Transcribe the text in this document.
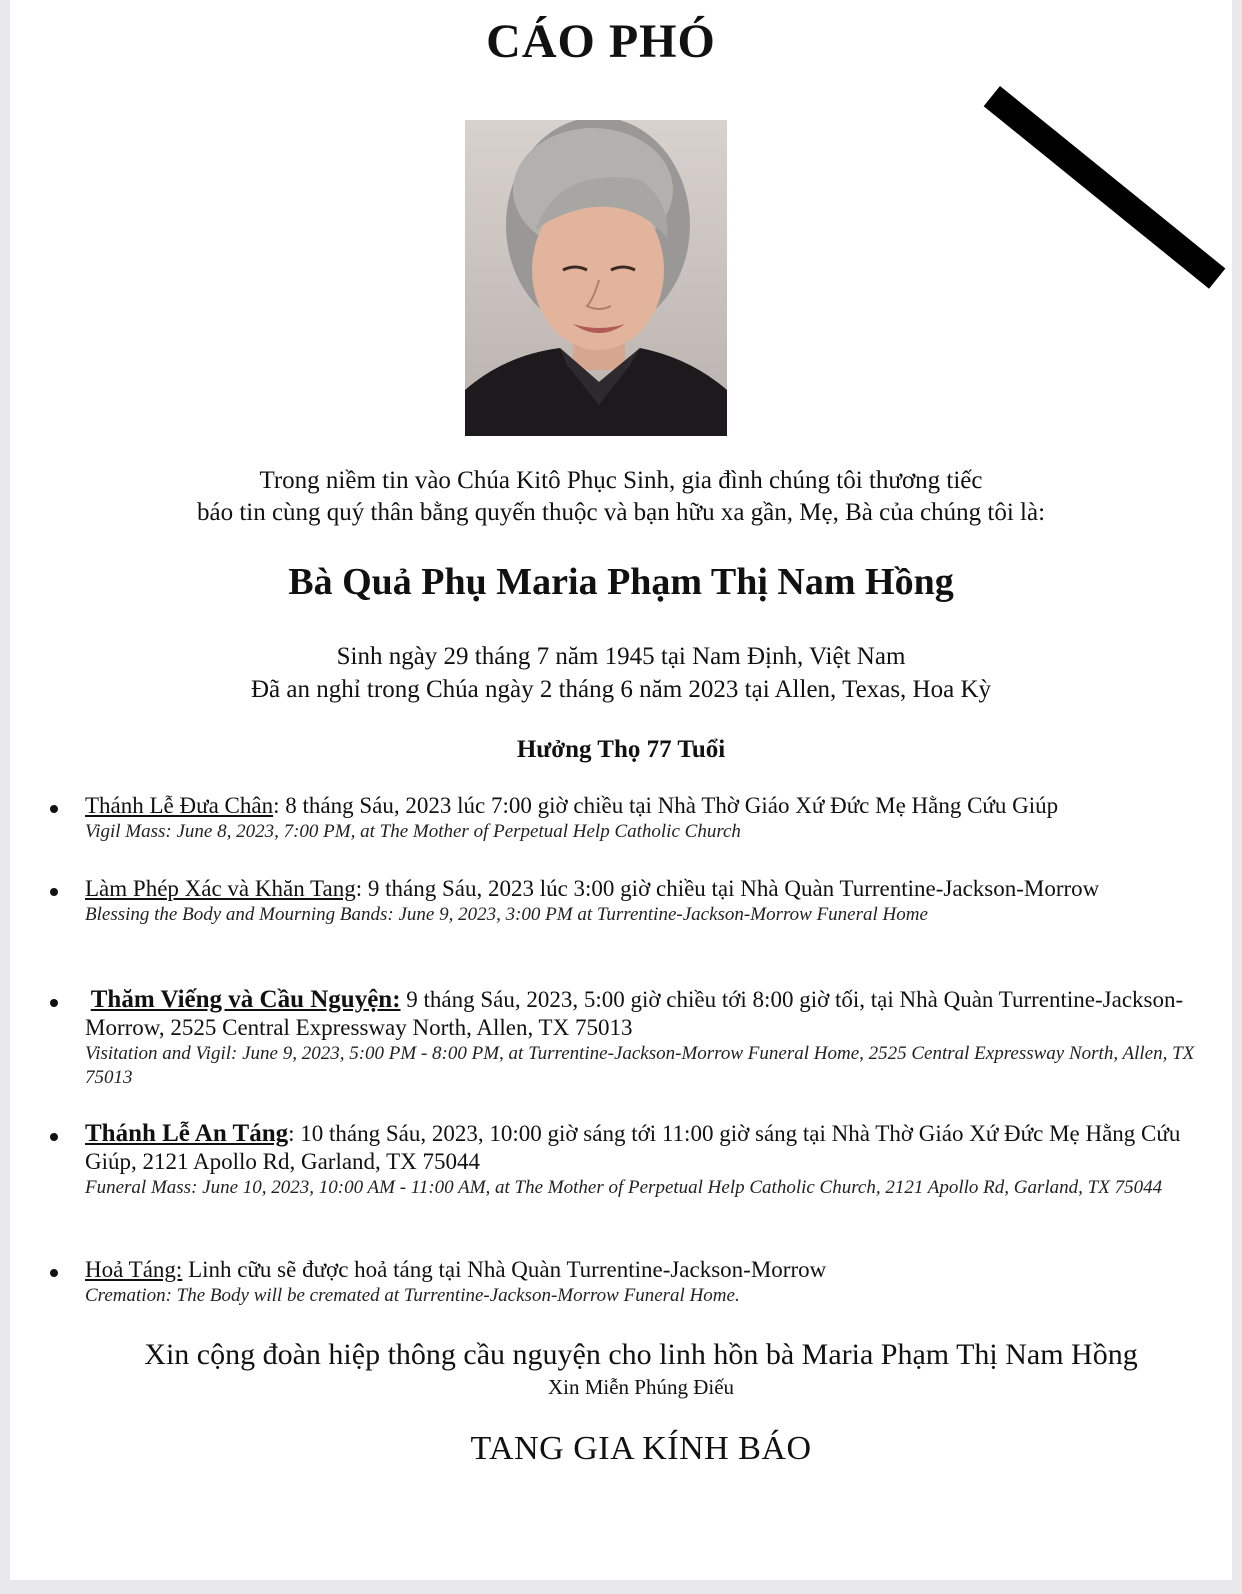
CÁO PHÓ
Trong niềm tin vào Chúa Kitô Phục Sinh, gia đình chúng tôi thương tiếc
báo tin cùng quý thân bằng quyến thuộc và bạn hữu xa gần, Mẹ, Bà của chúng tôi là:
Bà Quả Phụ Maria Phạm Thị Nam Hồng
Sinh ngày 29 tháng 7 năm 1945 tại Nam Định, Việt Nam
Đã an nghỉ trong Chúa ngày 2 tháng 6 năm 2023 tại Allen, Texas, Hoa Kỳ
Hưởng Thọ 77 Tuổi
Thánh Lễ Đưa Chân: 8 tháng Sáu, 2023 lúc 7:00 giờ chiều tại Nhà Thờ Giáo Xứ Đức Mẹ Hằng Cứu Giúp
Vigil Mass: June 8, 2023, 7:00 PM, at The Mother of Perpetual Help Catholic Church
Làm Phép Xác và Khăn Tang: 9 tháng Sáu, 2023 lúc 3:00 giờ chiều tại Nhà Quàn Turrentine-Jackson-Morrow
Blessing the Body and Mourning Bands: June 9, 2023, 3:00 PM at Turrentine-Jackson-Morrow Funeral Home
Thăm Viếng và Cầu Nguyện: 9 tháng Sáu, 2023, 5:00 giờ chiều tới 8:00 giờ tối, tại Nhà Quàn Turrentine-Jackson-Morrow, 2525 Central Expressway North, Allen, TX 75013
Visitation and Vigil: June 9, 2023, 5:00 PM - 8:00 PM, at Turrentine-Jackson-Morrow Funeral Home, 2525 Central Expressway North, Allen, TX 75013
Thánh Lễ An Táng: 10 tháng Sáu, 2023, 10:00 giờ sáng tới 11:00 giờ sáng tại Nhà Thờ Giáo Xứ Đức Mẹ Hằng Cứu Giúp, 2121 Apollo Rd, Garland, TX 75044
Funeral Mass: June 10, 2023, 10:00 AM - 11:00 AM, at The Mother of Perpetual Help Catholic Church, 2121 Apollo Rd, Garland, TX 75044
Hoả Táng: Linh cữu sẽ được hoả táng tại Nhà Quàn Turrentine-Jackson-Morrow
Cremation: The Body will be cremated at Turrentine-Jackson-Morrow Funeral Home.
Xin cộng đoàn hiệp thông cầu nguyện cho linh hồn bà Maria Phạm Thị Nam Hồng
Xin Miễn Phúng Điếu
TANG GIA KÍNH BÁO
